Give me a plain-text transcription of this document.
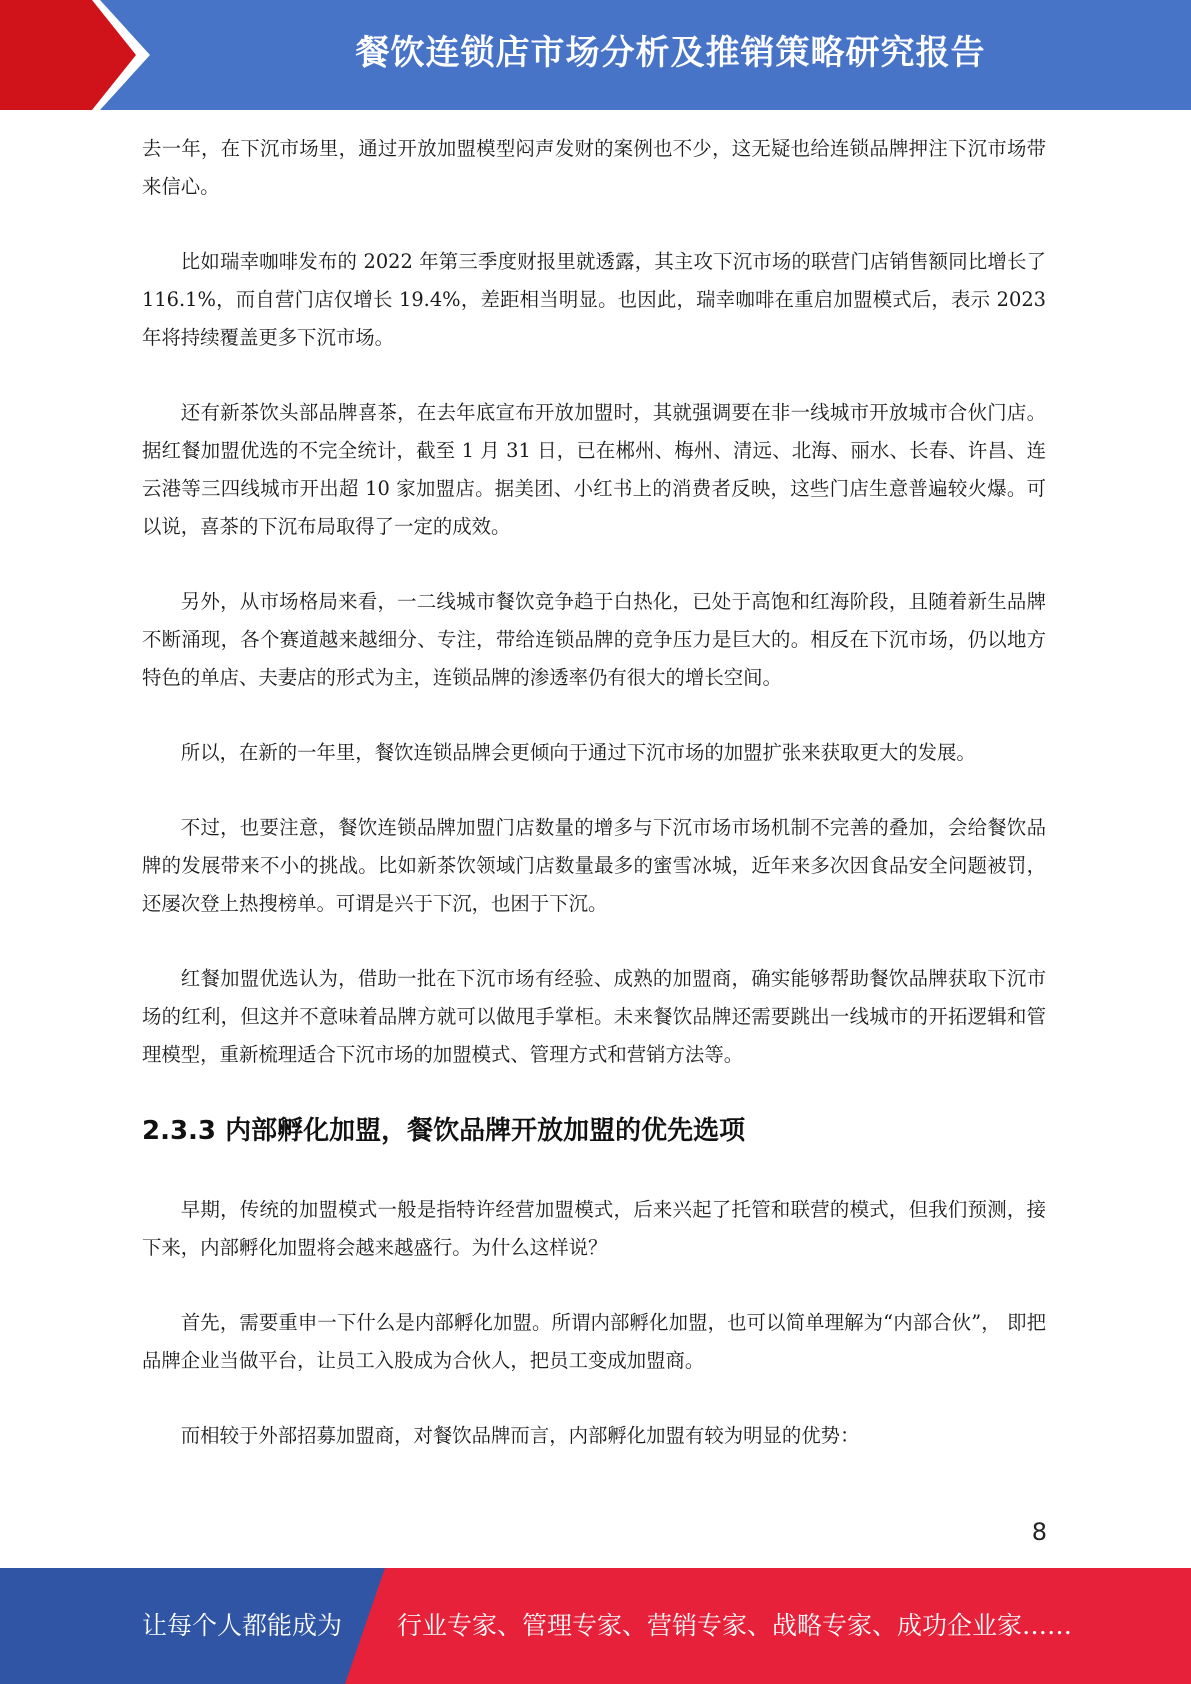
餐饮连锁店市场分析及推销策略研究报告

去一年，在下沉市场里，通过开放加盟模型闷声发财的案例也不少，这无疑也给连锁品牌押注下沉市场带来信心。

比如瑞幸咖啡发布的 2022 年第三季度财报里就透露，其主攻下沉市场的联营门店销售额同比增长了 116.1%，而自营门店仅增长 19.4%，差距相当明显。也因此，瑞幸咖啡在重启加盟模式后，表示 2023 年将持续覆盖更多下沉市场。

还有新茶饮头部品牌喜茶，在去年底宣布开放加盟时，其就强调要在非一线城市开放城市合伙门店。据红餐加盟优选的不完全统计，截至 1 月 31 日，已在郴州、梅州、清远、北海、丽水、长春、许昌、连云港等三四线城市开出超 10 家加盟店。据美团、小红书上的消费者反映，这些门店生意普遍较火爆。可以说，喜茶的下沉布局取得了一定的成效。

另外，从市场格局来看，一二线城市餐饮竞争趋于白热化，已处于高饱和红海阶段，且随着新生品牌不断涌现，各个赛道越来越细分、专注，带给连锁品牌的竞争压力是巨大的。相反在下沉市场，仍以地方特色的单店、夫妻店的形式为主，连锁品牌的渗透率仍有很大的增长空间。

所以，在新的一年里，餐饮连锁品牌会更倾向于通过下沉市场的加盟扩张来获取更大的发展。

不过，也要注意，餐饮连锁品牌加盟门店数量的增多与下沉市场市场机制不完善的叠加，会给餐饮品牌的发展带来不小的挑战。比如新茶饮领域门店数量最多的蜜雪冰城，近年来多次因食品安全问题被罚，还屡次登上热搜榜单。可谓是兴于下沉，也困于下沉。

红餐加盟优选认为，借助一批在下沉市场有经验、成熟的加盟商，确实能够帮助餐饮品牌获取下沉市场的红利，但这并不意味着品牌方就可以做甩手掌柜。未来餐饮品牌还需要跳出一线城市的开拓逻辑和管理模型，重新梳理适合下沉市场的加盟模式、管理方式和营销方法等。

2.3.3 内部孵化加盟，餐饮品牌开放加盟的优先选项

早期，传统的加盟模式一般是指特许经营加盟模式，后来兴起了托管和联营的模式，但我们预测，接下来，内部孵化加盟将会越来越盛行。为什么这样说？

首先，需要重申一下什么是内部孵化加盟。所谓内部孵化加盟，也可以简单理解为“内部合伙”， 即把品牌企业当做平台，让员工入股成为合伙人，把员工变成加盟商。

而相较于外部招募加盟商，对餐饮品牌而言，内部孵化加盟有较为明显的优势：

8
让每个人都能成为 行业专家、管理专家、营销专家、战略专家、成功企业家……
